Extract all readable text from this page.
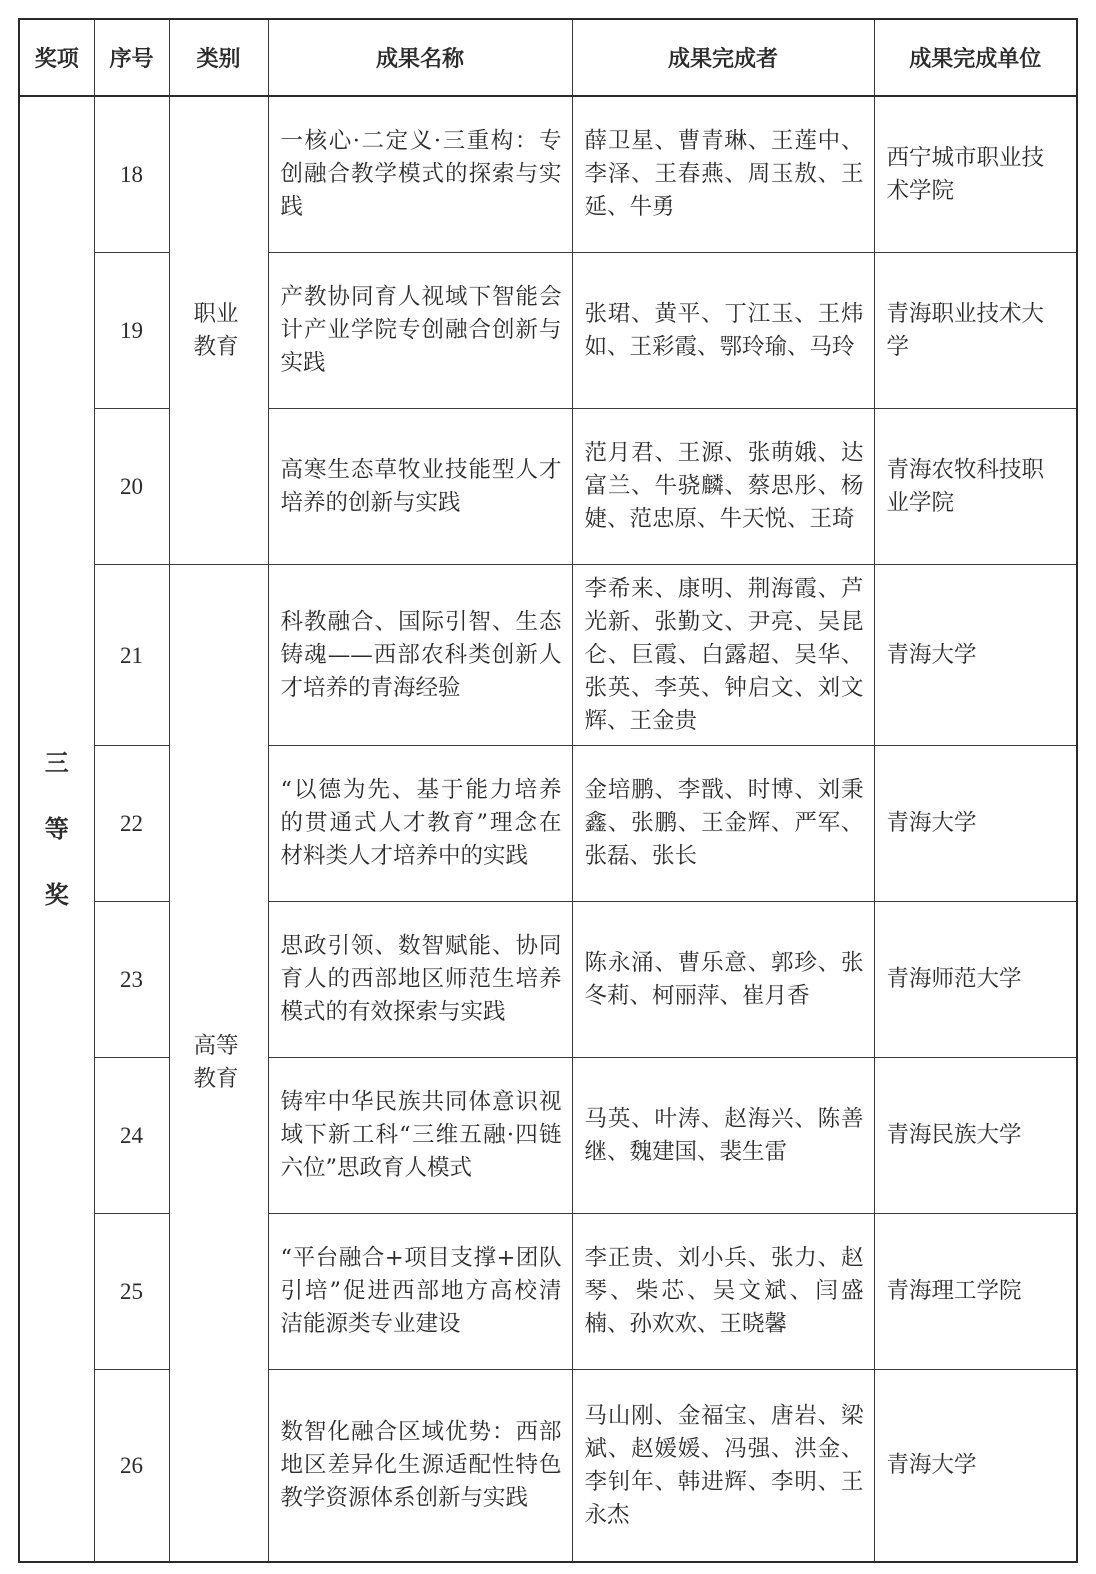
奖项	序号	类别	成果名称	成果完成者	成果完成单位
三等奖	18	职业教育	一核心·二定义·三重构：专创融合教学模式的探索与实践	薛卫星、曹青琳、王莲中、李泽、王春燕、周玉敖、王延、牛勇	西宁城市职业技术学院
	19		产教协同育人视域下智能会计产业学院专创融合创新与实践	张珺、黄平、丁江玉、王炜如、王彩霞、鄂玲瑜、马玲	青海职业技术大学
	20		高寒生态草牧业技能型人才培养的创新与实践	范月君、王源、张萌娥、达富兰、牛骁麟、蔡思彤、杨婕、范忠原、牛天悦、王琦	青海农牧科技职业学院
	21	高等教育	科教融合、国际引智、生态铸魂——西部农科类创新人才培养的青海经验	李希来、康明、荆海霞、芦光新、张勤文、尹亮、吴昆仑、巨霞、白露超、吴华、张英、李英、钟启文、刘文辉、王金贵	青海大学
	22		“以德为先、基于能力培养的贯通式人才教育”理念在材料类人才培养中的实践	金培鹏、李戬、时博、刘秉鑫、张鹏、王金辉、严军、张磊、张长	青海大学
	23		思政引领、数智赋能、协同育人的西部地区师范生培养模式的有效探索与实践	陈永涌、曹乐意、郭珍、张冬莉、柯丽萍、崔月香	青海师范大学
	24		铸牢中华民族共同体意识视域下新工科“三维五融·四链六位”思政育人模式	马英、叶涛、赵海兴、陈善继、魏建国、裴生雷	青海民族大学
	25		“平台融合+项目支撑+团队引培”促进西部地方高校清洁能源类专业建设	李正贵、刘小兵、张力、赵琴、柴芯、吴文斌、闫盛楠、孙欢欢、王晓馨	青海理工学院
	26		数智化融合区域优势：西部地区差异化生源适配性特色教学资源体系创新与实践	马山刚、金福宝、唐岩、梁斌、赵媛媛、冯强、洪金、李钊年、韩进辉、李明、王永杰	青海大学
